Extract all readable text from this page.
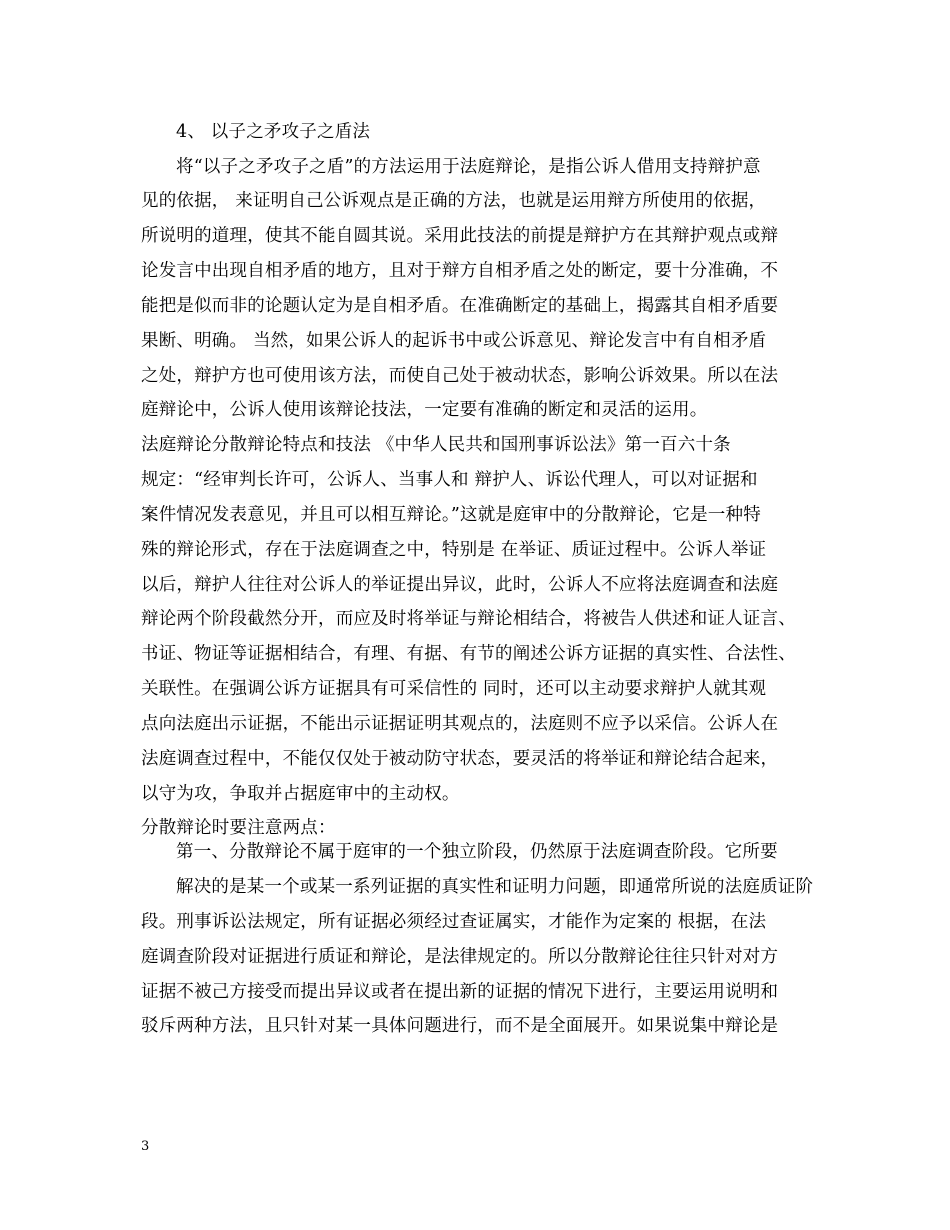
4、 以子之矛攻子之盾法
将“以子之矛攻子之盾”的方法运用于法庭辩论，是指公诉人借用支持辩护意
见的依据， 来证明自己公诉观点是正确的方法，也就是运用辩方所使用的依据，
所说明的道理，使其不能自圆其说。采用此技法的前提是辩护方在其辩护观点或辩
论发言中出现自相矛盾的地方，且对于辩方自相矛盾之处的断定，要十分准确，不
能把是似而非的论题认定为是自相矛盾。在准确断定的基础上，揭露其自相矛盾要
果断、明确。 当然，如果公诉人的起诉书中或公诉意见、辩论发言中有自相矛盾
之处，辩护方也可使用该方法，而使自己处于被动状态，影响公诉效果。所以在法
庭辩论中，公诉人使用该辩论技法，一定要有准确的断定和灵活的运用。
法庭辩论分散辩论特点和技法 《中华人民共和国刑事诉讼法》第一百六十条
规定：“经审判长许可，公诉人、当事人和 辩护人、诉讼代理人，可以对证据和
案件情况发表意见，并且可以相互辩论。”这就是庭审中的分散辩论，它是一种特
殊的辩论形式，存在于法庭调查之中，特别是 在举证、质证过程中。公诉人举证
以后，辩护人往往对公诉人的举证提出异议，此时，公诉人不应将法庭调查和法庭
辩论两个阶段截然分开，而应及时将举证与辩论相结合，将被告人供述和证人证言、
书证、物证等证据相结合，有理、有据、有节的阐述公诉方证据的真实性、合法性、
关联性。在强调公诉方证据具有可采信性的 同时，还可以主动要求辩护人就其观
点向法庭出示证据，不能出示证据证明其观点的，法庭则不应予以采信。公诉人在
法庭调查过程中，不能仅仅处于被动防守状态，要灵活的将举证和辩论结合起来，
以守为攻，争取并占据庭审中的主动权。
分散辩论时要注意两点：
第一、分散辩论不属于庭审的一个独立阶段，仍然原于法庭调查阶段。它所要
解决的是某一个或某一系列证据的真实性和证明力问题，即通常所说的法庭质证阶
段。刑事诉讼法规定，所有证据必须经过查证属实，才能作为定案的 根据，在法
庭调查阶段对证据进行质证和辩论，是法律规定的。所以分散辩论往往只针对对方
证据不被己方接受而提出异议或者在提出新的证据的情况下进行，主要运用说明和
驳斥两种方法，且只针对某一具体问题进行，而不是全面展开。如果说集中辩论是
3
